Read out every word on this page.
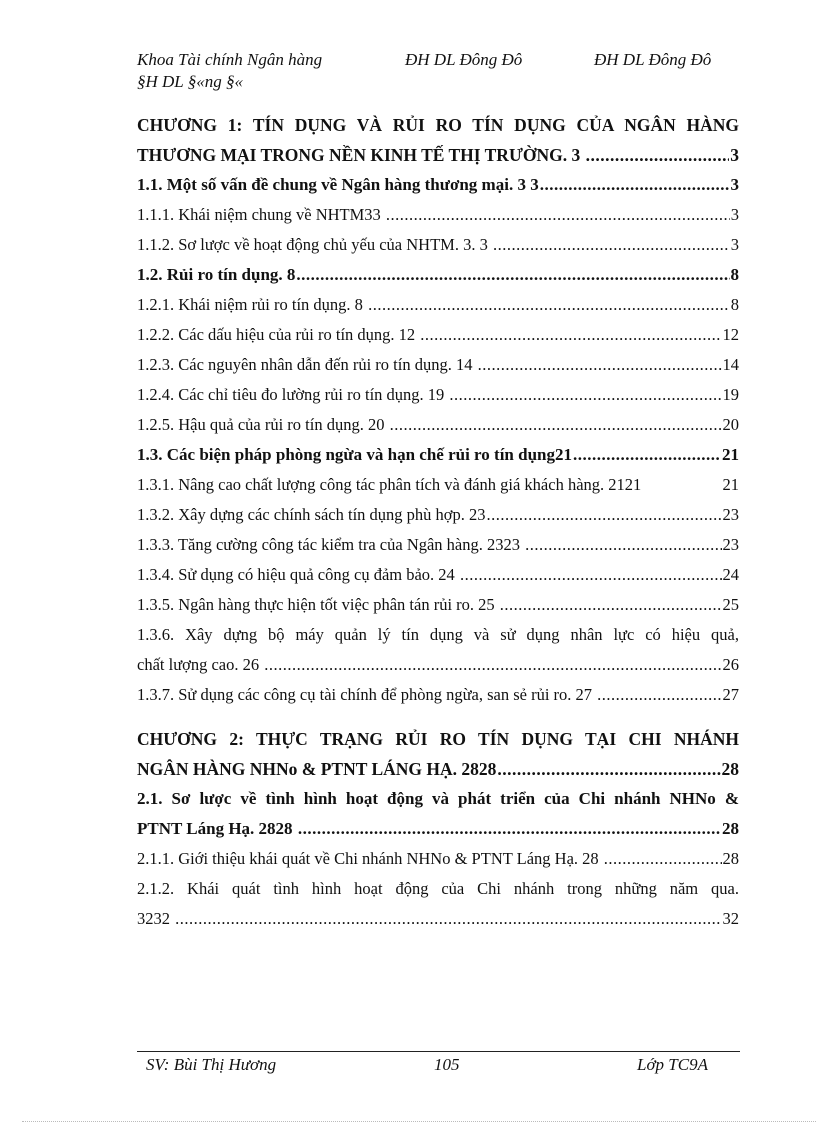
Khoa Tài chính Ngân hàng	ĐH DL Đông Đô	ĐH DL Đông Đô
§H DL §«ng §«
CHƯƠNG 1: TÍN DỤNG VÀ RỦI RO TÍN DỤNG CỦA NGÂN HÀNG
THƯƠNG MẠI TRONG NỀN KINH TẾ THỊ TRƯỜNG. 3 .....	3
1.1. Một số vấn đề chung về Ngân hàng thương mại. 3 3 .....	3
1.1.1. Khái niệm chung về NHTM33 .....	3
1.1.2. Sơ lược về hoạt động chủ yếu của NHTM. 3. 3 .....	3
1.2. Rủi ro tín dụng. 8 .....	8
1.2.1. Khái niệm rủi ro tín dụng. 8 .....	8
1.2.2. Các dấu hiệu của rủi ro tín dụng. 12 .....	12
1.2.3. Các nguyên nhân dẫn đến rủi ro tín dụng. 14 .....	14
1.2.4. Các chỉ tiêu đo lường rủi ro tín dụng. 19 .....	19
1.2.5. Hậu quả của rủi ro tín dụng. 20 .....	20
1.3. Các biện pháp phòng ngừa và hạn chế rủi ro tín dụng21 .....	21
1.3.1. Nâng cao chất lượng công tác phân tích và đánh giá khách hàng. 2121	21
1.3.2. Xây dựng các chính sách tín dụng phù hợp. 23 .....	23
1.3.3. Tăng cường công tác kiểm tra của Ngân hàng. 2323 .....	23
1.3.4. Sử dụng có hiệu quả công cụ đảm bảo. 24 .....	24
1.3.5. Ngân hàng thực hiện tốt việc phân tán rủi ro. 25 .....	25
1.3.6. Xây dựng bộ máy quản lý tín dụng và sử dụng nhân lực có hiệu quả,
chất lượng cao. 26 .....	26
1.3.7. Sử dụng các công cụ tài chính để phòng ngừa, san sẻ rủi ro. 27 .....	27
CHƯƠNG 2: THỰC TRẠNG RỦI RO TÍN DỤNG TẠI CHI NHÁNH
NGÂN HÀNG NHNo & PTNT LÁNG HẠ. 2828 .....	28
2.1. Sơ lược về tình hình hoạt động và phát triển của Chi nhánh NHNo &
PTNT Láng Hạ. 2828 .....	28
2.1.1. Giới thiệu khái quát về Chi nhánh NHNo & PTNT Láng Hạ. 28 .....	28
2.1.2. Khái quát tình hình hoạt động của Chi nhánh trong những năm qua.
3232 .....	32
SV: Bùi Thị Hương	105	Lớp TC9A
